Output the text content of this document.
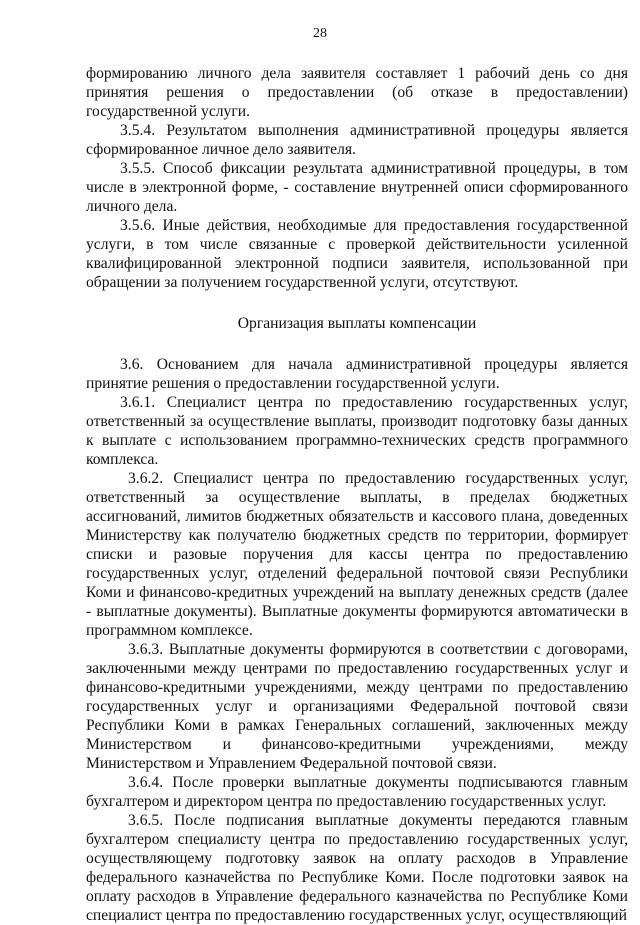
28

формированию личного дела заявителя составляет 1 рабочий день со дня принятия решения о предоставлении (об отказе в предоставлении) государственной услуги.

3.5.4. Результатом выполнения административной процедуры является сформированное личное дело заявителя.

3.5.5. Способ фиксации результата административной процедуры, в том числе в электронной форме, - составление внутренней описи сформированного личного дела.

3.5.6. Иные действия, необходимые для предоставления государственной услуги, в том числе связанные с проверкой действительности усиленной квалифицированной электронной подписи заявителя, использованной при обращении за получением государственной услуги, отсутствуют.

Организация выплаты компенсации

3.6. Основанием для начала административной процедуры является принятие решения о предоставлении государственной услуги.

3.6.1. Специалист центра по предоставлению государственных услуг, ответственный за осуществление выплаты, производит подготовку базы данных к выплате с использованием программно-технических средств программного комплекса.

3.6.2. Специалист центра по предоставлению государственных услуг, ответственный за осуществление выплаты, в пределах бюджетных ассигнований, лимитов бюджетных обязательств и кассового плана, доведенных Министерству как получателю бюджетных средств по территории, формирует списки и разовые поручения для кассы центра по предоставлению государственных услуг, отделений федеральной почтовой связи Республики Коми и финансово-кредитных учреждений на выплату денежных средств (далее - выплатные документы). Выплатные документы формируются автоматически в программном комплексе.

3.6.3. Выплатные документы формируются в соответствии с договорами, заключенными между центрами по предоставлению государственных услуг и финансово-кредитными учреждениями, между центрами по предоставлению государственных услуг и организациями Федеральной почтовой связи Республики Коми в рамках Генеральных соглашений, заключенных между Министерством и финансово-кредитными учреждениями, между Министерством и Управлением Федеральной почтовой связи.

3.6.4. После проверки выплатные документы подписываются главным бухгалтером и директором центра по предоставлению государственных услуг.

3.6.5. После подписания выплатные документы передаются главным бухгалтером специалисту центра по предоставлению государственных услуг, осуществляющему подготовку заявок на оплату расходов в Управление федерального казначейства по Республике Коми. После подготовки заявок на оплату расходов в Управление федерального казначейства по Республике Коми специалист центра по предоставлению государственных услуг, осуществляющий
